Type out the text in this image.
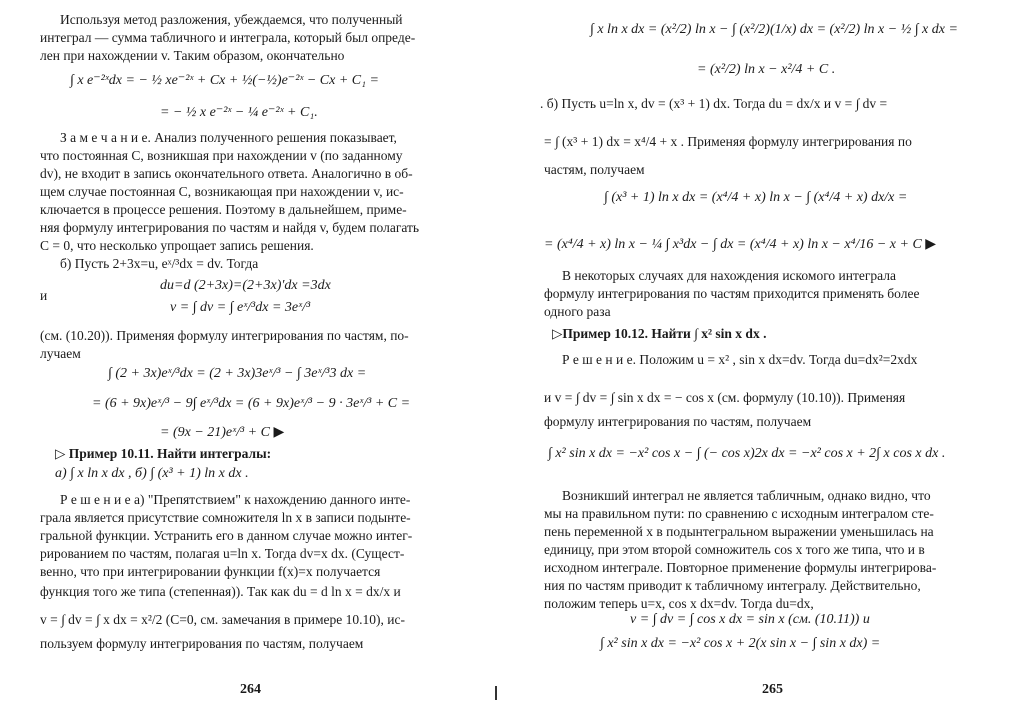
Используя метод разложения, убеждаемся, что полученный
интеграл — сумма табличного и интеграла, который был опреде-
лен при нахождении v. Таким образом, окончательно
∫ x e⁻²ˣdx = − ½ xe⁻²ˣ + Cx + ½(−½)e⁻²ˣ − Cx + C₁ =
= − ½ x e⁻²ˣ − ¼ e⁻²ˣ + C₁.
З а м е ч а н и е. Анализ полученного решения показывает,
что постоянная C, возникшая при нахождении v (по заданному
dv), не входит в запись окончательного ответа. Аналогично в об-
щем случае постоянная C, возникающая при нахождении v, ис-
ключается в процессе решения. Поэтому в дальнейшем, приме-
няя формулу интегрирования по частям и найдя v, будем полагать
C = 0, что несколько упрощает запись решения.
б) Пусть 2+3x=u, eˣ/³dx = dv. Тогда
du=d (2+3x)=(2+3x)′dx =3dx
и
v = ∫ dv = ∫ eˣ/³dx = 3eˣ/³
(см. (10.20)). Применяя формулу интегрирования по частям, по-
лучаем
∫ (2 + 3x)eˣ/³dx = (2 + 3x)3eˣ/³ − ∫ 3eˣ/³3 dx =
= (6 + 9x)eˣ/³ − 9∫ eˣ/³dx = (6 + 9x)eˣ/³ − 9 · 3eˣ/³ + C =
= (9x − 21)eˣ/³ + C ▶
▷ Пример 10.11. Найти интегралы:
а) ∫ x ln x dx , б) ∫ (x³ + 1) ln x dx .
Р е ш е н и е а) "Препятствием" к нахождению данного инте-
грала является присутствие сомножителя ln x в записи подынте-
гральной функции. Устранить его в данном случае можно интег-
рированием по частям, полагая u=ln x. Тогда dv=x dx. (Сущест-
венно, что при интегрировании функции f(x)=x получается
функция того же типа (степенная)). Так как du = d ln x = dx/x и
v = ∫ dv = ∫ x dx = x²/2 (C=0, см. замечания в примере 10.10), ис-
пользуем формулу интегрирования по частям, получаем
264
∫ x ln x dx = (x²/2) ln x − ∫ (x²/2)(1/x) dx = (x²/2) ln x − ½ ∫ x dx =
= (x²/2) ln x − x²/4 + C .
. б) Пусть u=ln x, dv = (x³ + 1) dx. Тогда du = dx/x и v = ∫ dv =
= ∫ (x³ + 1) dx = x⁴/4 + x . Применяя формулу интегрирования по
частям, получаем
∫ (x³ + 1) ln x dx = (x⁴/4 + x) ln x − ∫ (x⁴/4 + x) dx/x =
= (x⁴/4 + x) ln x − ¼ ∫ x³dx − ∫ dx = (x⁴/4 + x) ln x − x⁴/16 − x + C ▶
В некоторых случаях для нахождения искомого интеграла
формулу интегрирования по частям приходится применять более
одного раза
▷Пример 10.12. Найти ∫ x² sin x dx .
Р е ш е н и е. Положим u = x² , sin x dx=dv. Тогда du=dx²=2xdx
и v = ∫ dv = ∫ sin x dx = − cos x (см. формулу (10.10)). Применяя
формулу интегрирования по частям, получаем
∫ x² sin x dx = −x² cos x − ∫ (− cos x)2x dx = −x² cos x + 2∫ x cos x dx .
Возникший интеграл не является табличным, однако видно, что
мы на правильном пути: по сравнению с исходным интегралом сте-
пень переменной x в подынтегральном выражении уменьшилась на
единицу, при этом второй сомножитель cos x того же типа, что и в
исходном интеграле. Повторное применение формулы интегрирова-
ния по частям приводит к табличному интегралу. Действительно,
положим теперь u=x, cos x dx=dv. Тогда du=dx,
v = ∫ dv = ∫ cos x dx = sin x (см. (10.11)) и
∫ x² sin x dx = −x² cos x + 2(x sin x − ∫ sin x dx) =
265
